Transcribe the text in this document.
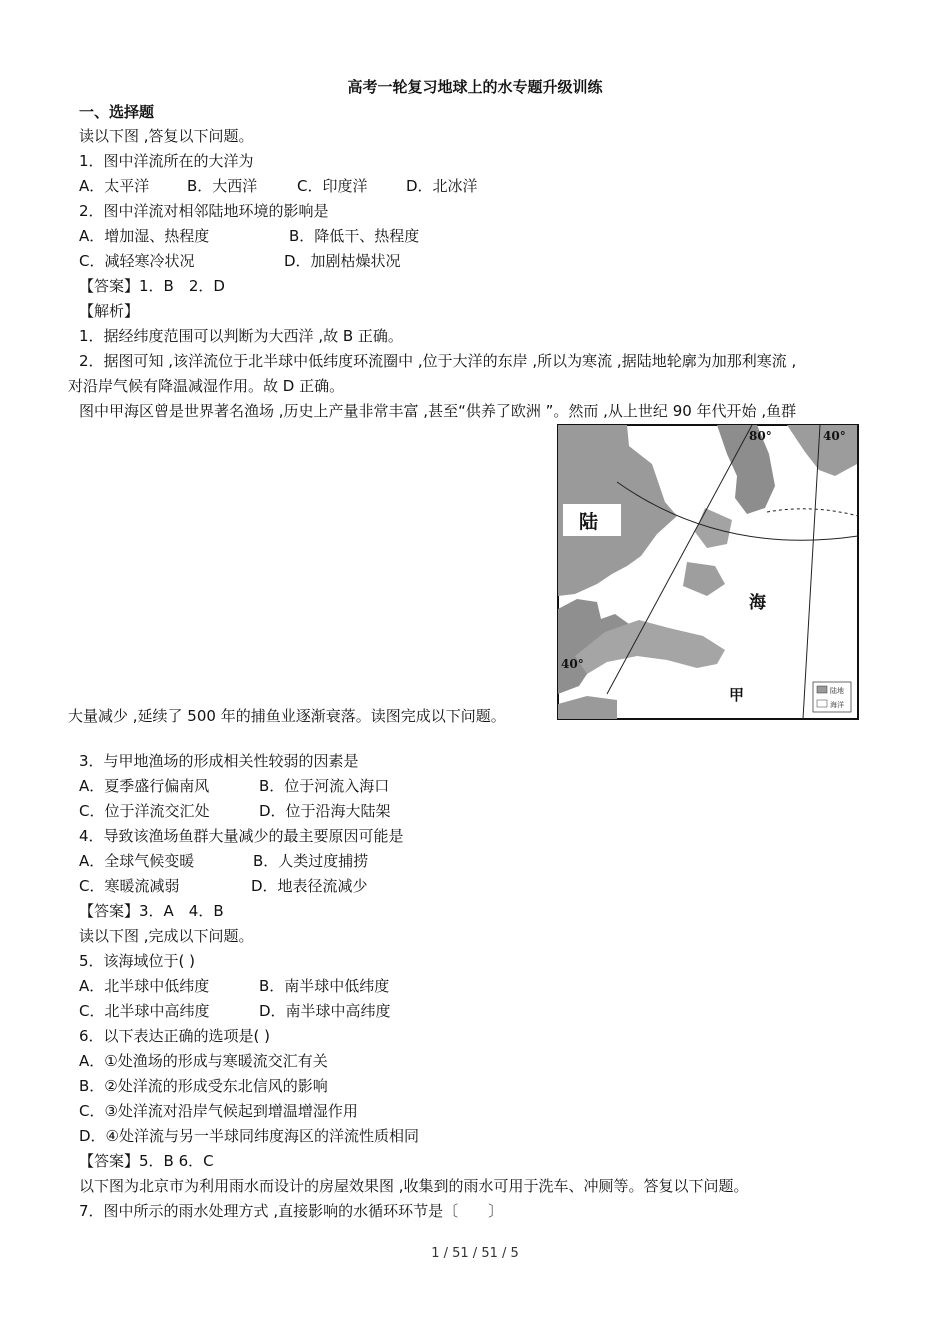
高考一轮复习地球上的水专题升级训练
一、选择题
读以下图 ,答复以下问题。
1．图中洋流所在的大洋为
A．太平洋	B．大西洋	C．印度洋	D．北冰洋
2．图中洋流对相邻陆地环境的影响是
A．增加湿、热程度	B．降低干、热程度
C．减轻寒冷状况	D．加剧枯燥状况
【答案】1．B　2．D
【解析】
1．据经纬度范围可以判断为大西洋 ,故 B 正确。
2．据图可知 ,该洋流位于北半球中低纬度环流圈中 ,位于大洋的东岸 ,所以为寒流 ,据陆地轮廓为加那利寒流 ,
对沿岸气候有降温减湿作用。故 D 正确。
图中甲海区曾是世界著名渔场 ,历史上产量非常丰富 ,甚至“供养了欧洲 ”。然而 ,从上世纪 90 年代开始 ,鱼群
陆
海
甲
80°	40°
40°
陆地
海洋
大量减少 ,延续了 500 年的捕鱼业逐渐衰落。读图完成以下问题。
3．与甲地渔场的形成相关性较弱的因素是
A．夏季盛行偏南风	B．位于河流入海口
C．位于洋流交汇处	D．位于沿海大陆架
4．导致该渔场鱼群大量减少的最主要原因可能是
A．全球气候变暖	B．人类过度捕捞
C．寒暖流减弱	D．地表径流减少
【答案】3．A　4．B
读以下图 ,完成以下问题。
5．该海域位于( )
A．北半球中低纬度	B．南半球中低纬度
C．北半球中高纬度	D．南半球中高纬度
6．以下表达正确的选项是( )
A．①处渔场的形成与寒暖流交汇有关
B．②处洋流的形成受东北信风的影响
C．③处洋流对沿岸气候起到增温增湿作用
D．④处洋流与另一半球同纬度海区的洋流性质相同
【答案】5．B 6．C
以下图为北京市为利用雨水而设计的房屋效果图 ,收集到的雨水可用于洗车、冲厕等。答复以下问题。
7．图中所示的雨水处理方式 ,直接影响的水循环环节是〔　　〕
1 / 51 / 51 / 5
